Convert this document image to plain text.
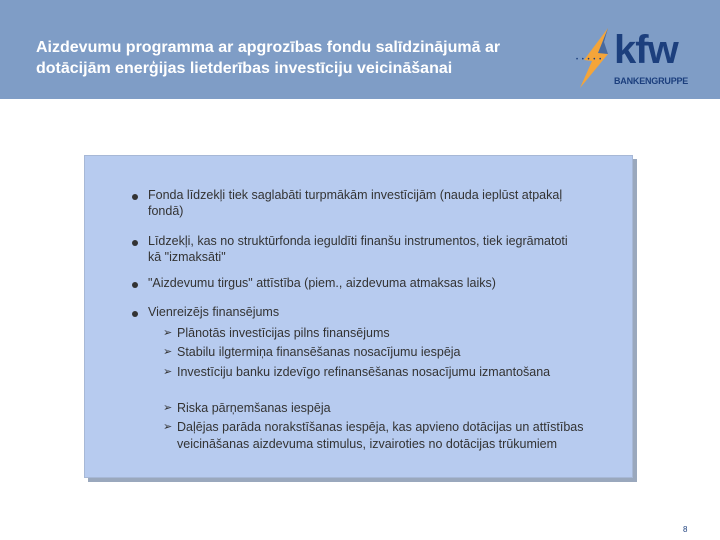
Aizdevumu programma ar apgrozības fondu salīdzinājumā ar dotācijām enerģijas lietderības investīciju veicināšanai	• • • • • kfw
BANKENGRUPPE
Fonda līdzekļi tiek saglabāti turpmākām investīcijām (nauda ieplūst atpakaļ fondā)
Līdzekļi, kas no struktūrfonda ieguldīti finanšu instrumentos, tiek iegrāmatoti kā "izmaksāti"
"Aizdevumu tirgus" attīstība (piem., aizdevuma atmaksas laiks)
Vienreizējs finansējums
➢ Plānotās investīcijas pilns finansējums
➢ Stabilu ilgtermiņa finansēšanas nosacījumu iespēja
➢ Investīciju banku izdevīgo refinansēšanas nosacījumu izmantošana
➢ Riska pārņemšanas iespēja
➢ Daļējas parāda norakstīšanas iespēja, kas apvieno dotācijas un attīstības veicināšanas aizdevuma stimulus, izvairoties no dotācijas trūkumiem
8
